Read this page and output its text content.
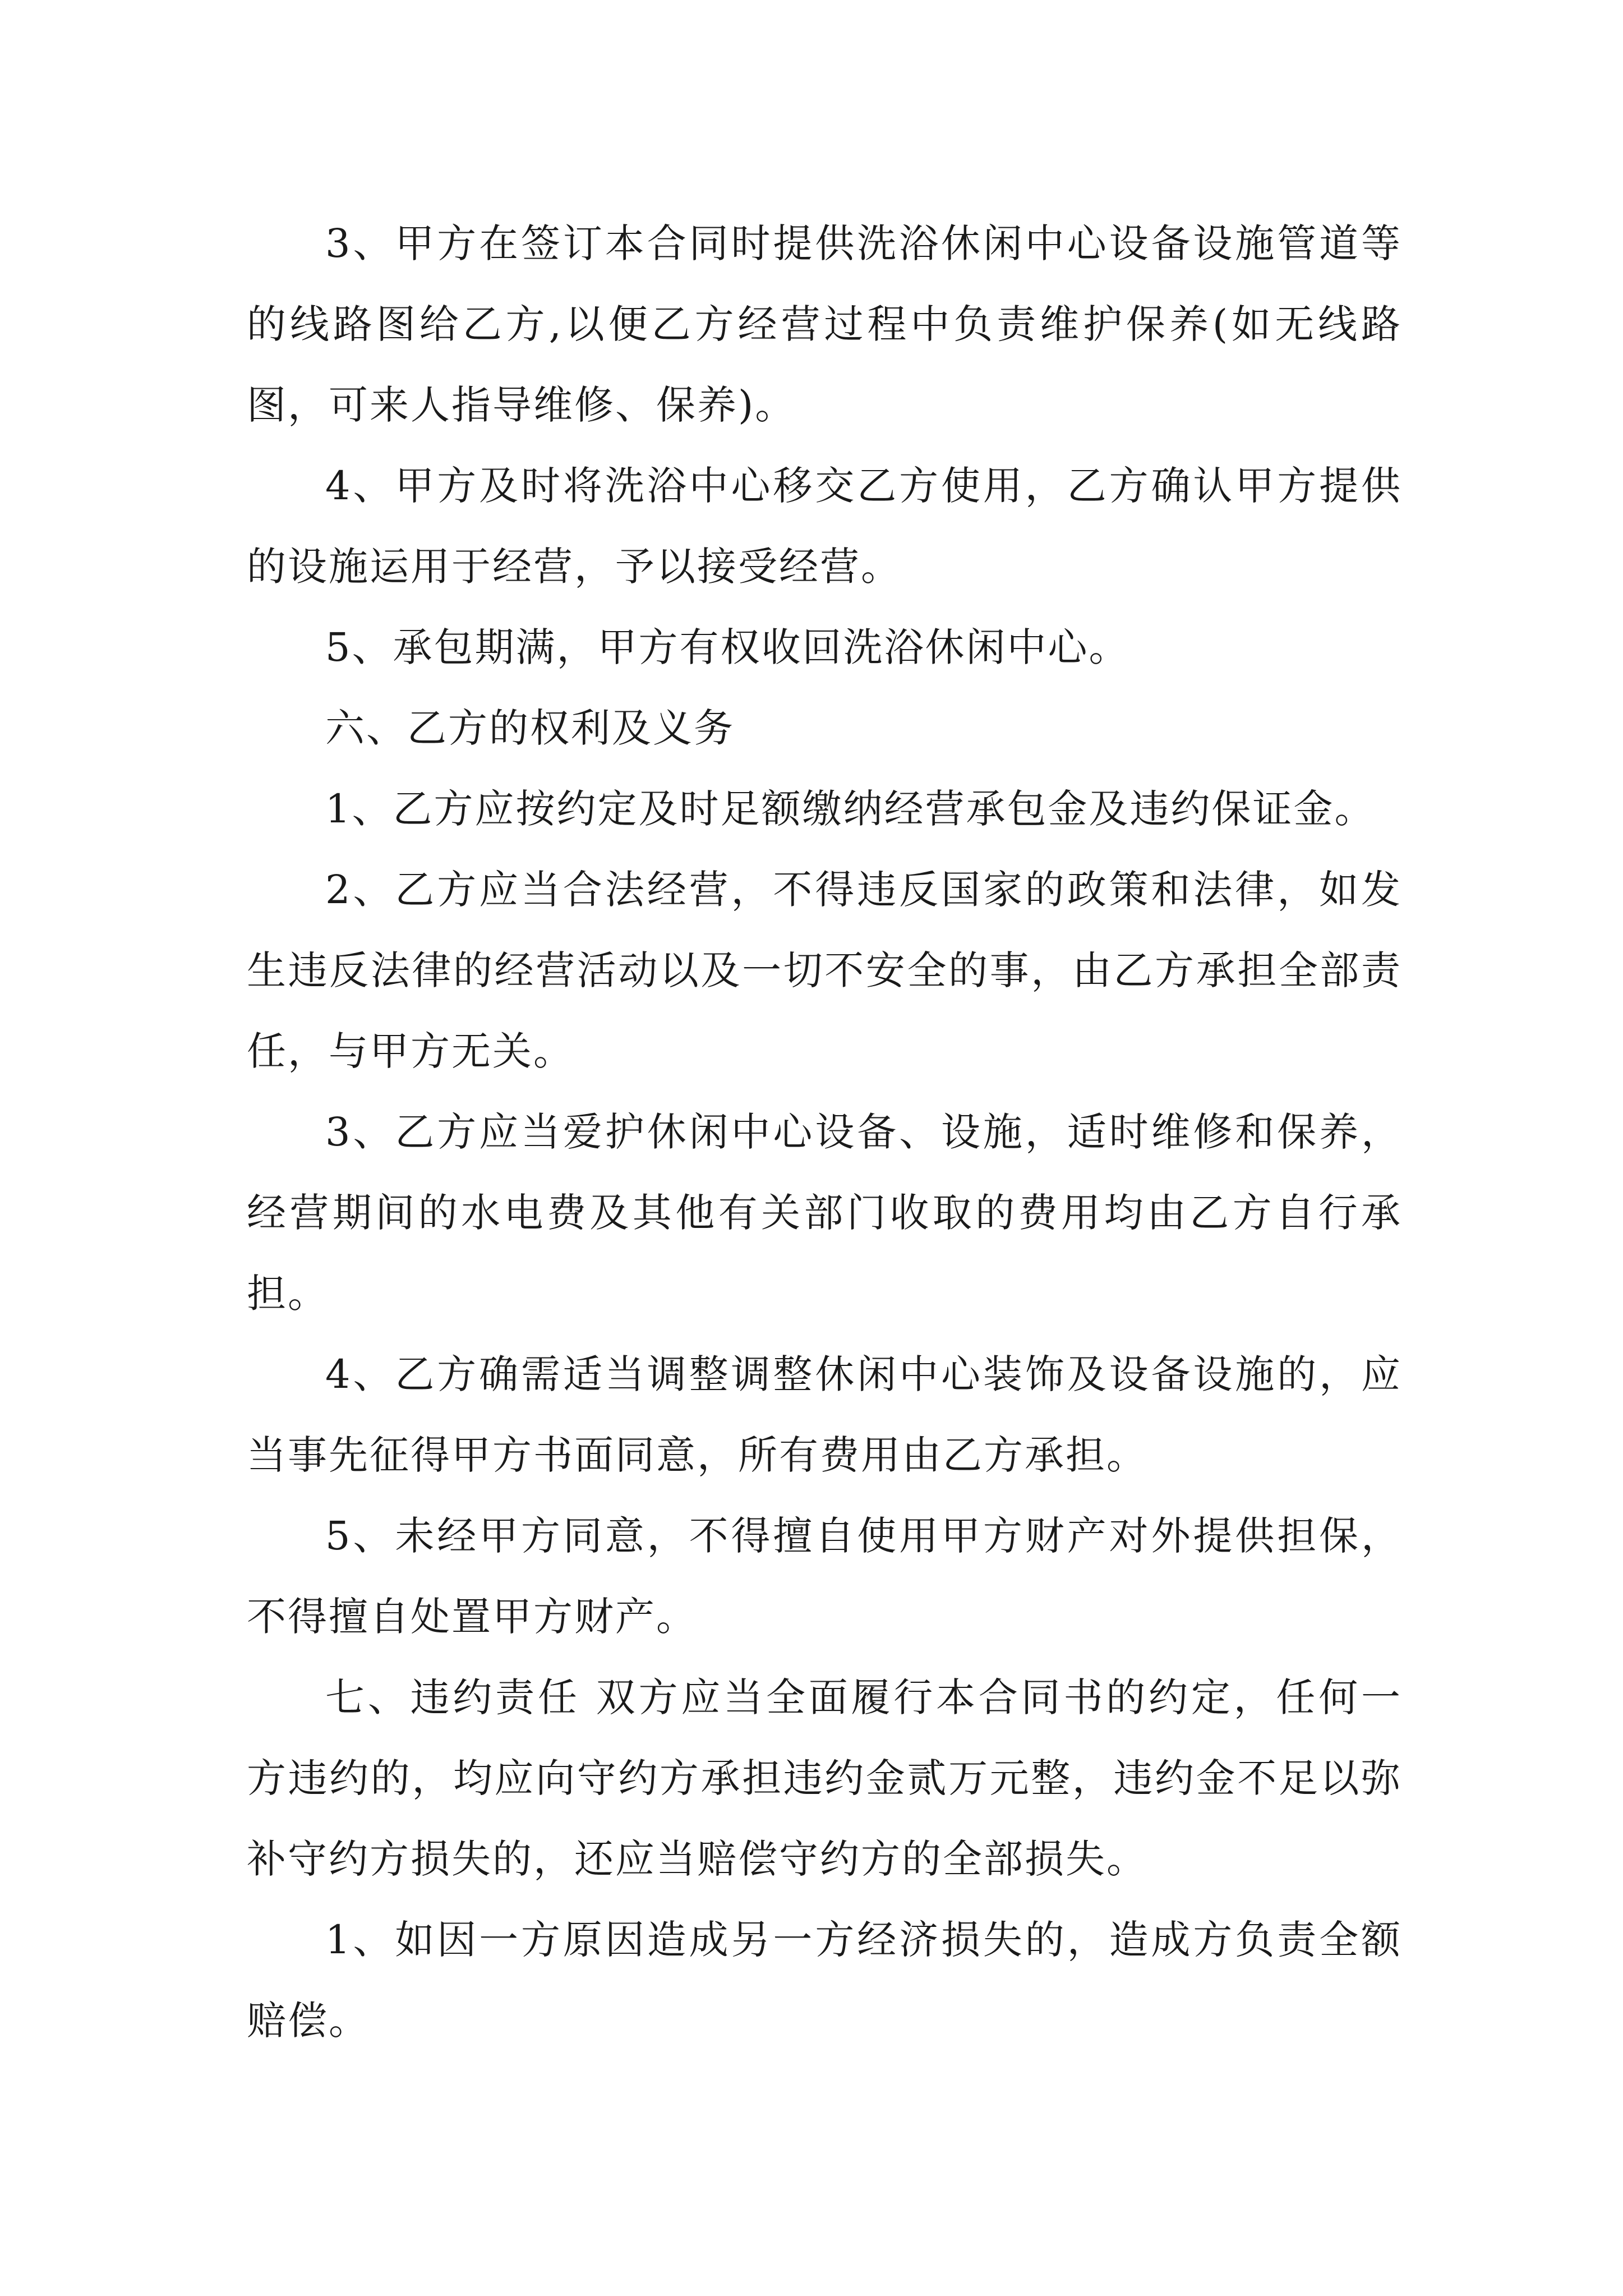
3、甲方在签订本合同时提供洗浴休闲中心设备设施管道等的线路图给乙方,以便乙方经营过程中负责维护保养(如无线路图，可来人指导维修、保养)。

4、甲方及时将洗浴中心移交乙方使用，乙方确认甲方提供的设施运用于经营，予以接受经营。

5、承包期满，甲方有权收回洗浴休闲中心。

六、乙方的权利及义务

1、乙方应按约定及时足额缴纳经营承包金及违约保证金。

2、乙方应当合法经营，不得违反国家的政策和法律，如发生违反法律的经营活动以及一切不安全的事，由乙方承担全部责任，与甲方无关。

3、乙方应当爱护休闲中心设备、设施，适时维修和保养，经营期间的水电费及其他有关部门收取的费用均由乙方自行承担。

4、乙方确需适当调整调整休闲中心装饰及设备设施的，应当事先征得甲方书面同意，所有费用由乙方承担。

5、未经甲方同意，不得擅自使用甲方财产对外提供担保，不得擅自处置甲方财产。

七、违约责任 双方应当全面履行本合同书的约定，任何一方违约的，均应向守约方承担违约金贰万元整，违约金不足以弥补守约方损失的，还应当赔偿守约方的全部损失。

1、如因一方原因造成另一方经济损失的，造成方负责全额赔偿。
